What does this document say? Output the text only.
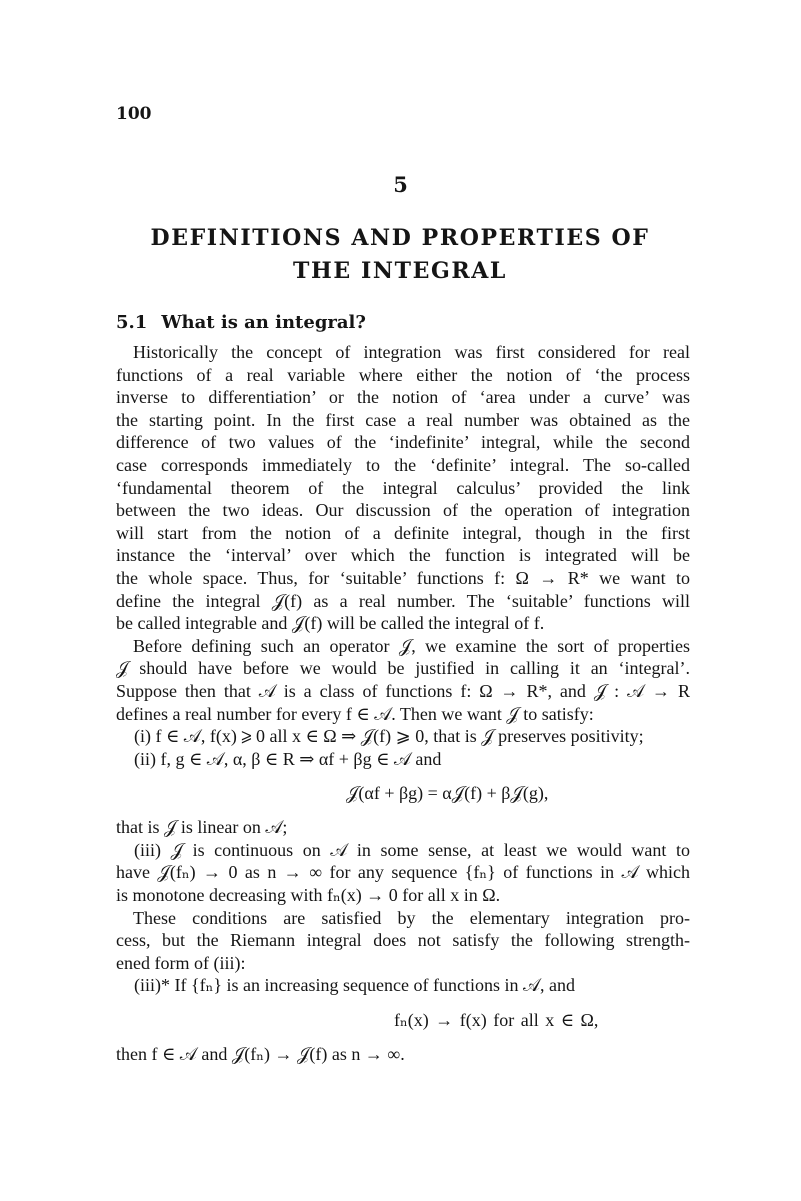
100
5
DEFINITIONS AND PROPERTIES OF
THE INTEGRAL
5.1 What is an integral?
Historically the concept of integration was first considered for real
functions of a real variable where either the notion of ‘the process
inverse to differentiation’ or the notion of ‘area under a curve’ was
the starting point. In the first case a real number was obtained as the
difference of two values of the ‘indefinite’ integral, while the second
case corresponds immediately to the ‘definite’ integral. The so-called
‘fundamental theorem of the integral calculus’ provided the link
between the two ideas. Our discussion of the operation of integration
will start from the notion of a definite integral, though in the first
instance the ‘interval’ over which the function is integrated will be
the whole space. Thus, for ‘suitable’ functions f: Ω → R* we want to
define the integral 𝒥(f) as a real number. The ‘suitable’ functions will
be called integrable and 𝒥(f) will be called the integral of f.
Before defining such an operator 𝒥, we examine the sort of properties
𝒥 should have before we would be justified in calling it an ‘integral’.
Suppose then that 𝒜 is a class of functions f: Ω → R*, and 𝒥 : 𝒜 → R
defines a real number for every f ∈ 𝒜. Then we want 𝒥 to satisfy:
(i) f ∈ 𝒜, f(x) ⩾ 0 all x ∈ Ω ⇒ 𝒥(f) ⩾ 0, that is 𝒥 preserves positivity;
(ii) f, g ∈ 𝒜, α, β ∈ R ⇒ αf + βg ∈ 𝒜 and
𝒥(αf + βg) = α𝒥(f) + β𝒥(g),
that is 𝒥 is linear on 𝒜;
(iii) 𝒥 is continuous on 𝒜 in some sense, at least we would want to
have 𝒥(fₙ) → 0 as n → ∞ for any sequence {fₙ} of functions in 𝒜 which
is monotone decreasing with fₙ(x) → 0 for all x in Ω.
These conditions are satisfied by the elementary integration pro-
cess, but the Riemann integral does not satisfy the following strength-
ened form of (iii):
(iii)* If {fₙ} is an increasing sequence of functions in 𝒜, and
fₙ(x) → f(x) for all x ∈ Ω,
then f ∈ 𝒜 and 𝒥(fₙ) → 𝒥(f) as n → ∞.
